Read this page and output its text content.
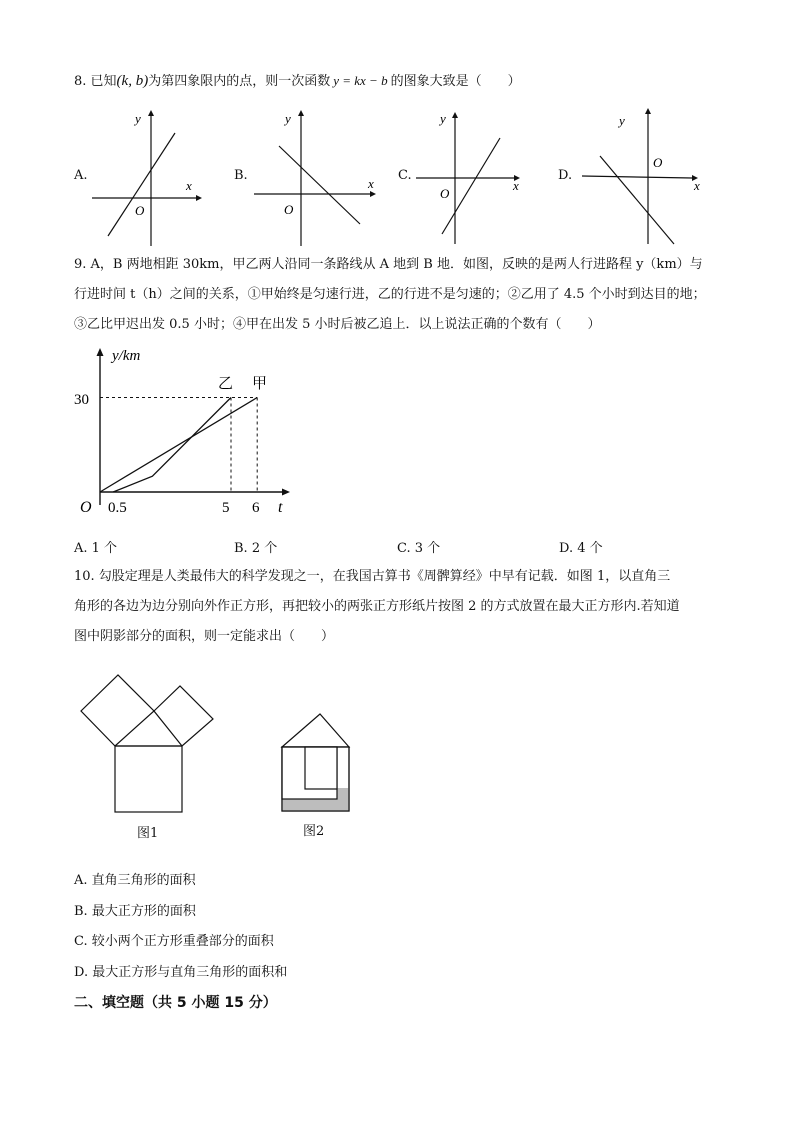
8. 已知(k, b)为第四象限内的点，则一次函数 y = kx − b 的图象大致是（　　）
A.	B.	C.	D.
x
y
O
x
y
O
x
y
O
x
y
O
9. A，B 两地相距 30km，甲乙两人沿同一条路线从 A 地到 B 地．如图，反映的是两人行进路程 y（km）与
行进时间 t（h）之间的关系，①甲始终是匀速行进，乙的行进不是匀速的；②乙用了 4.5 个小时到达目的地；
③乙比甲迟出发 0.5 小时；④甲在出发 5 小时后被乙追上．以上说法正确的个数有（　　）
y/km
t
O
30
0.5	5 6
乙 甲
A. 1 个	B. 2 个	C. 3 个	D. 4 个
10. 勾股定理是人类最伟大的科学发现之一，在我国古算书《周髀算经》中早有记载．如图 1，以直角三
角形的各边为边分别向外作正方形，再把较小的两张正方形纸片按图 2 的方式放置在最大正方形内.若知道
图中阴影部分的面积，则一定能求出（　　）
图1	图2
A. 直角三角形的面积
B. 最大正方形的面积
C. 较小两个正方形重叠部分的面积
D. 最大正方形与直角三角形的面积和
二、填空题（共 5 小题 15 分）
